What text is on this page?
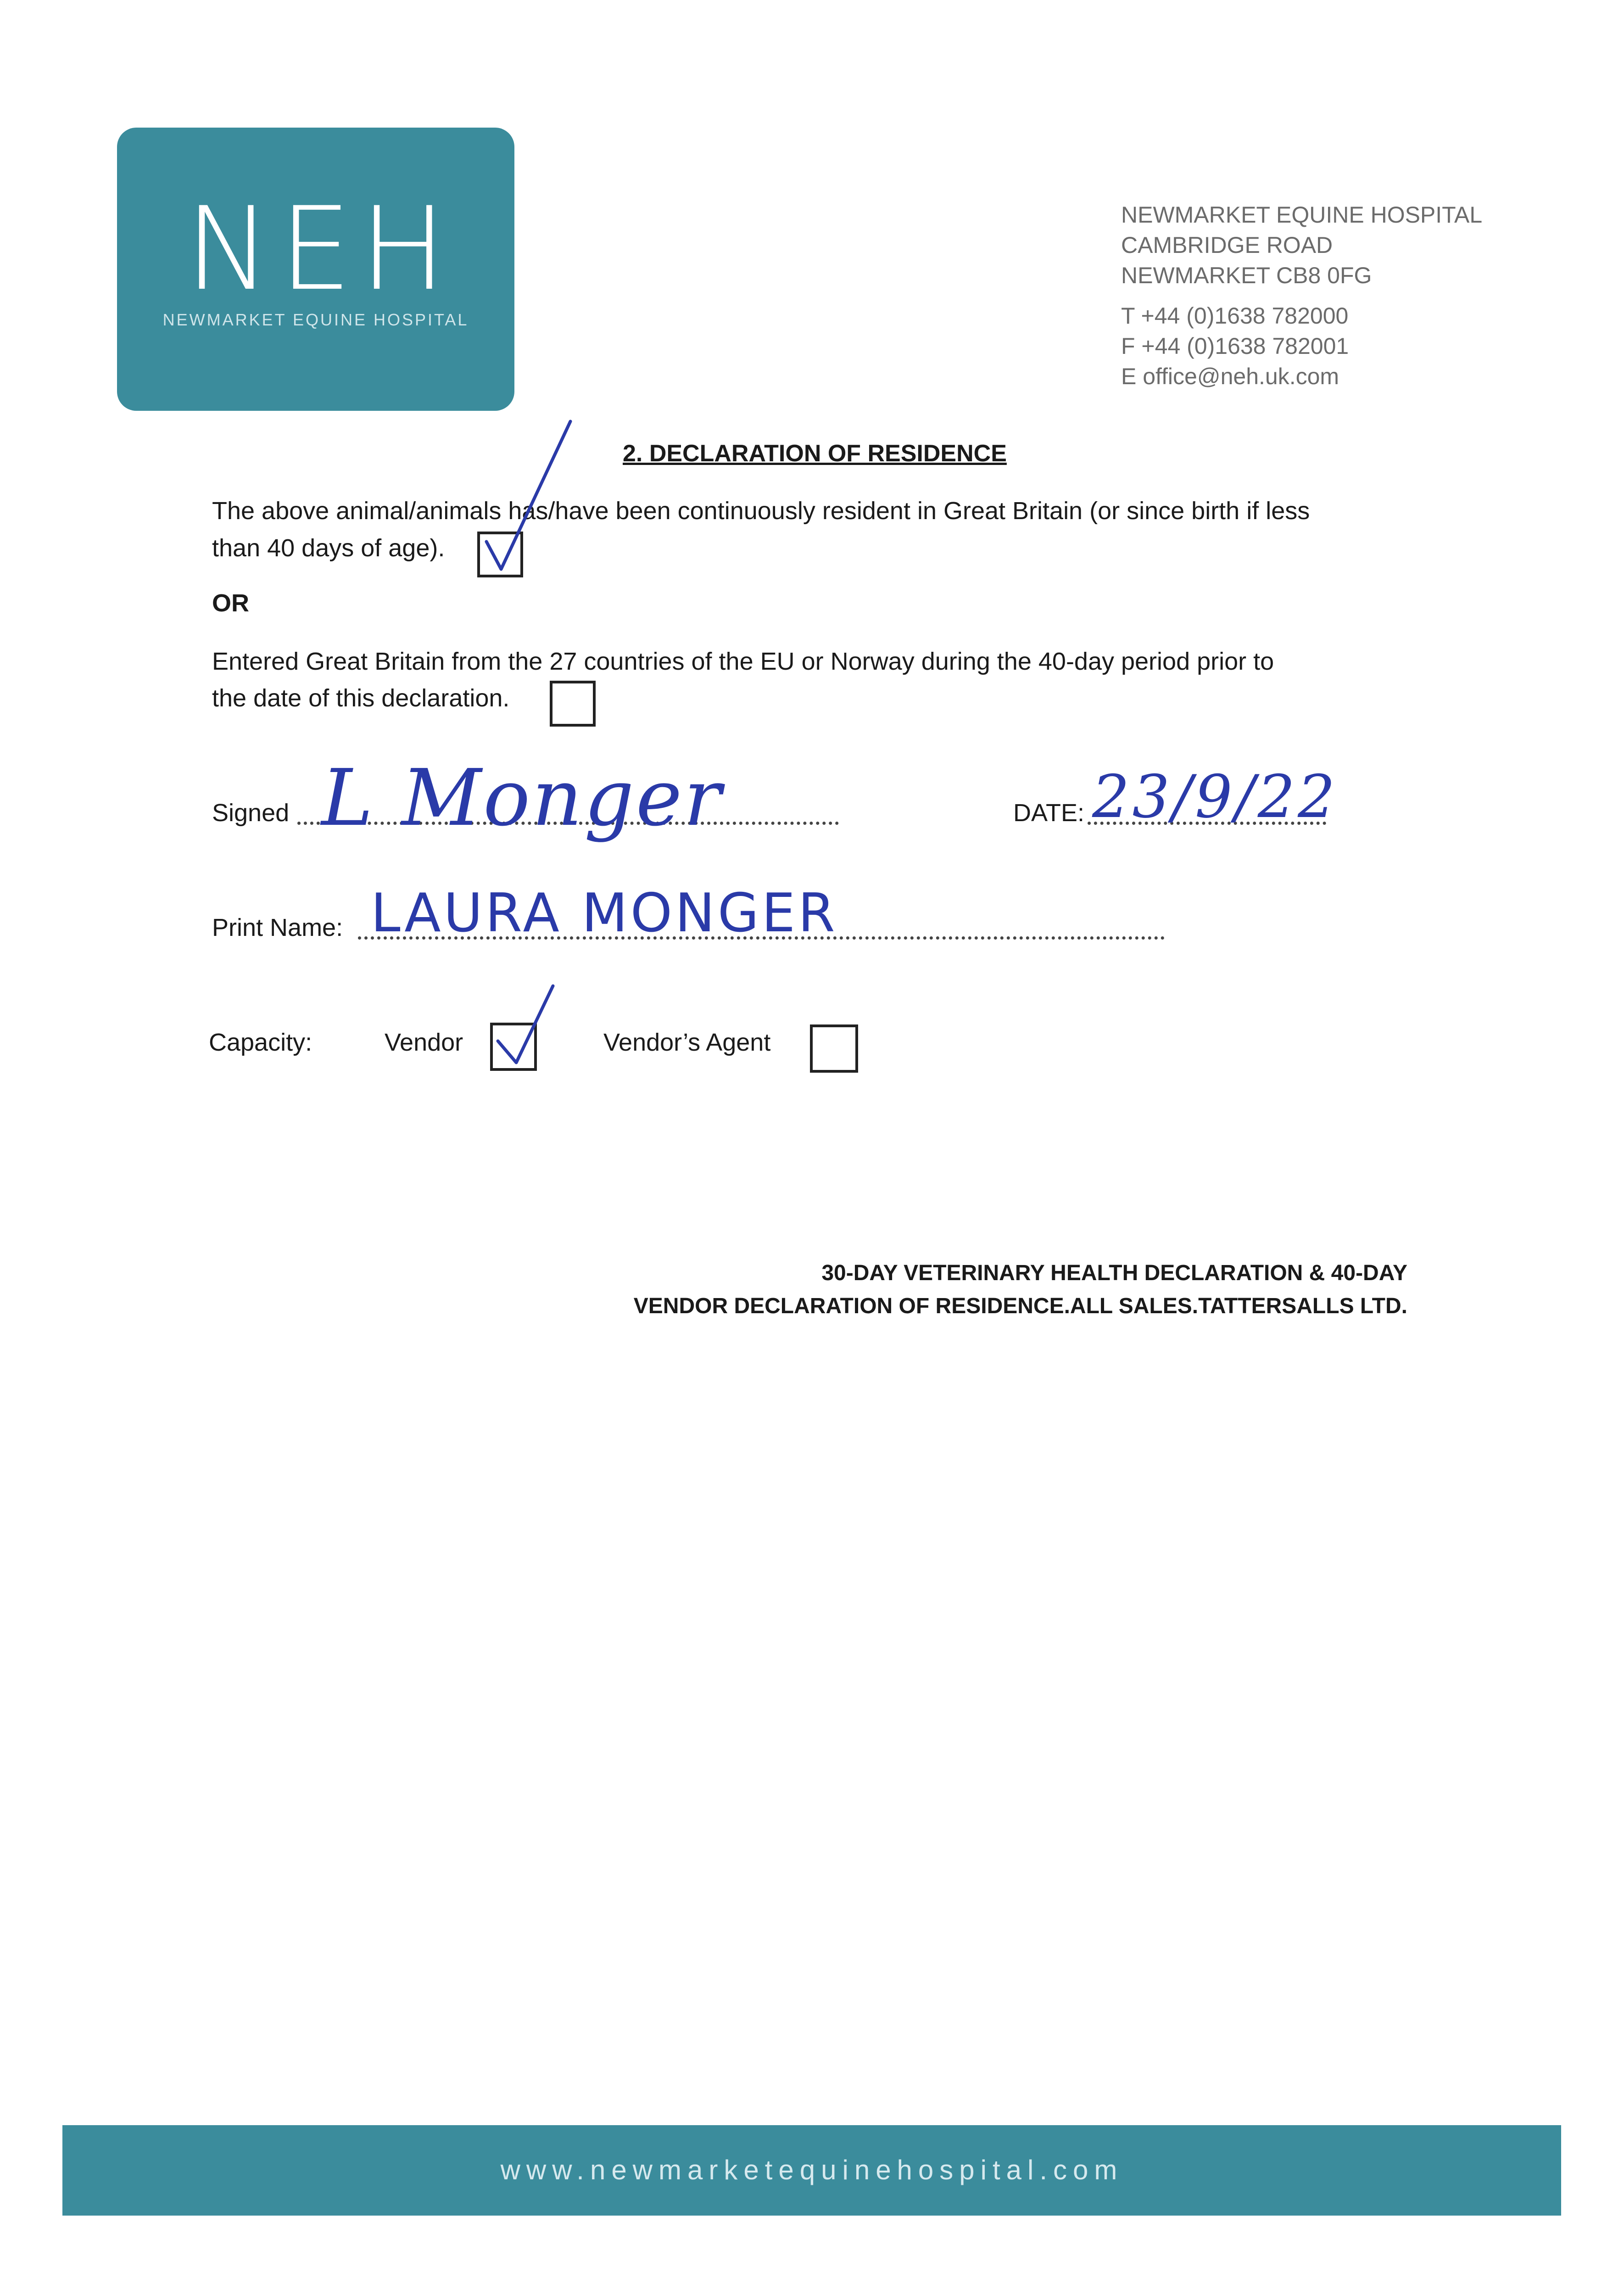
NEH
NEWMARKET EQUINE HOSPITAL
NEWMARKET EQUINE HOSPITAL
CAMBRIDGE ROAD
NEWMARKET CB8 0FG
T +44 (0)1638 782000
F +44 (0)1638 782001
E office@neh.uk.com
2. DECLARATION OF RESIDENCE
The above animal/animals has/have been continuously resident in Great Britain (or since birth if less
than 40 days of age).
OR
Entered Great Britain from the 27 countries of the EU or Norway during the 40-day period prior to
the date of this declaration.
Signed L Monger	DATE: 23/9/22
Print Name: LAURA MONGER
Capacity:	Vendor	Vendor’s Agent
30-DAY VETERINARY HEALTH DECLARATION & 40-DAY
VENDOR DECLARATION OF RESIDENCE.ALL SALES.TATTERSALLS LTD.
www.newmarketequinehospital.com
